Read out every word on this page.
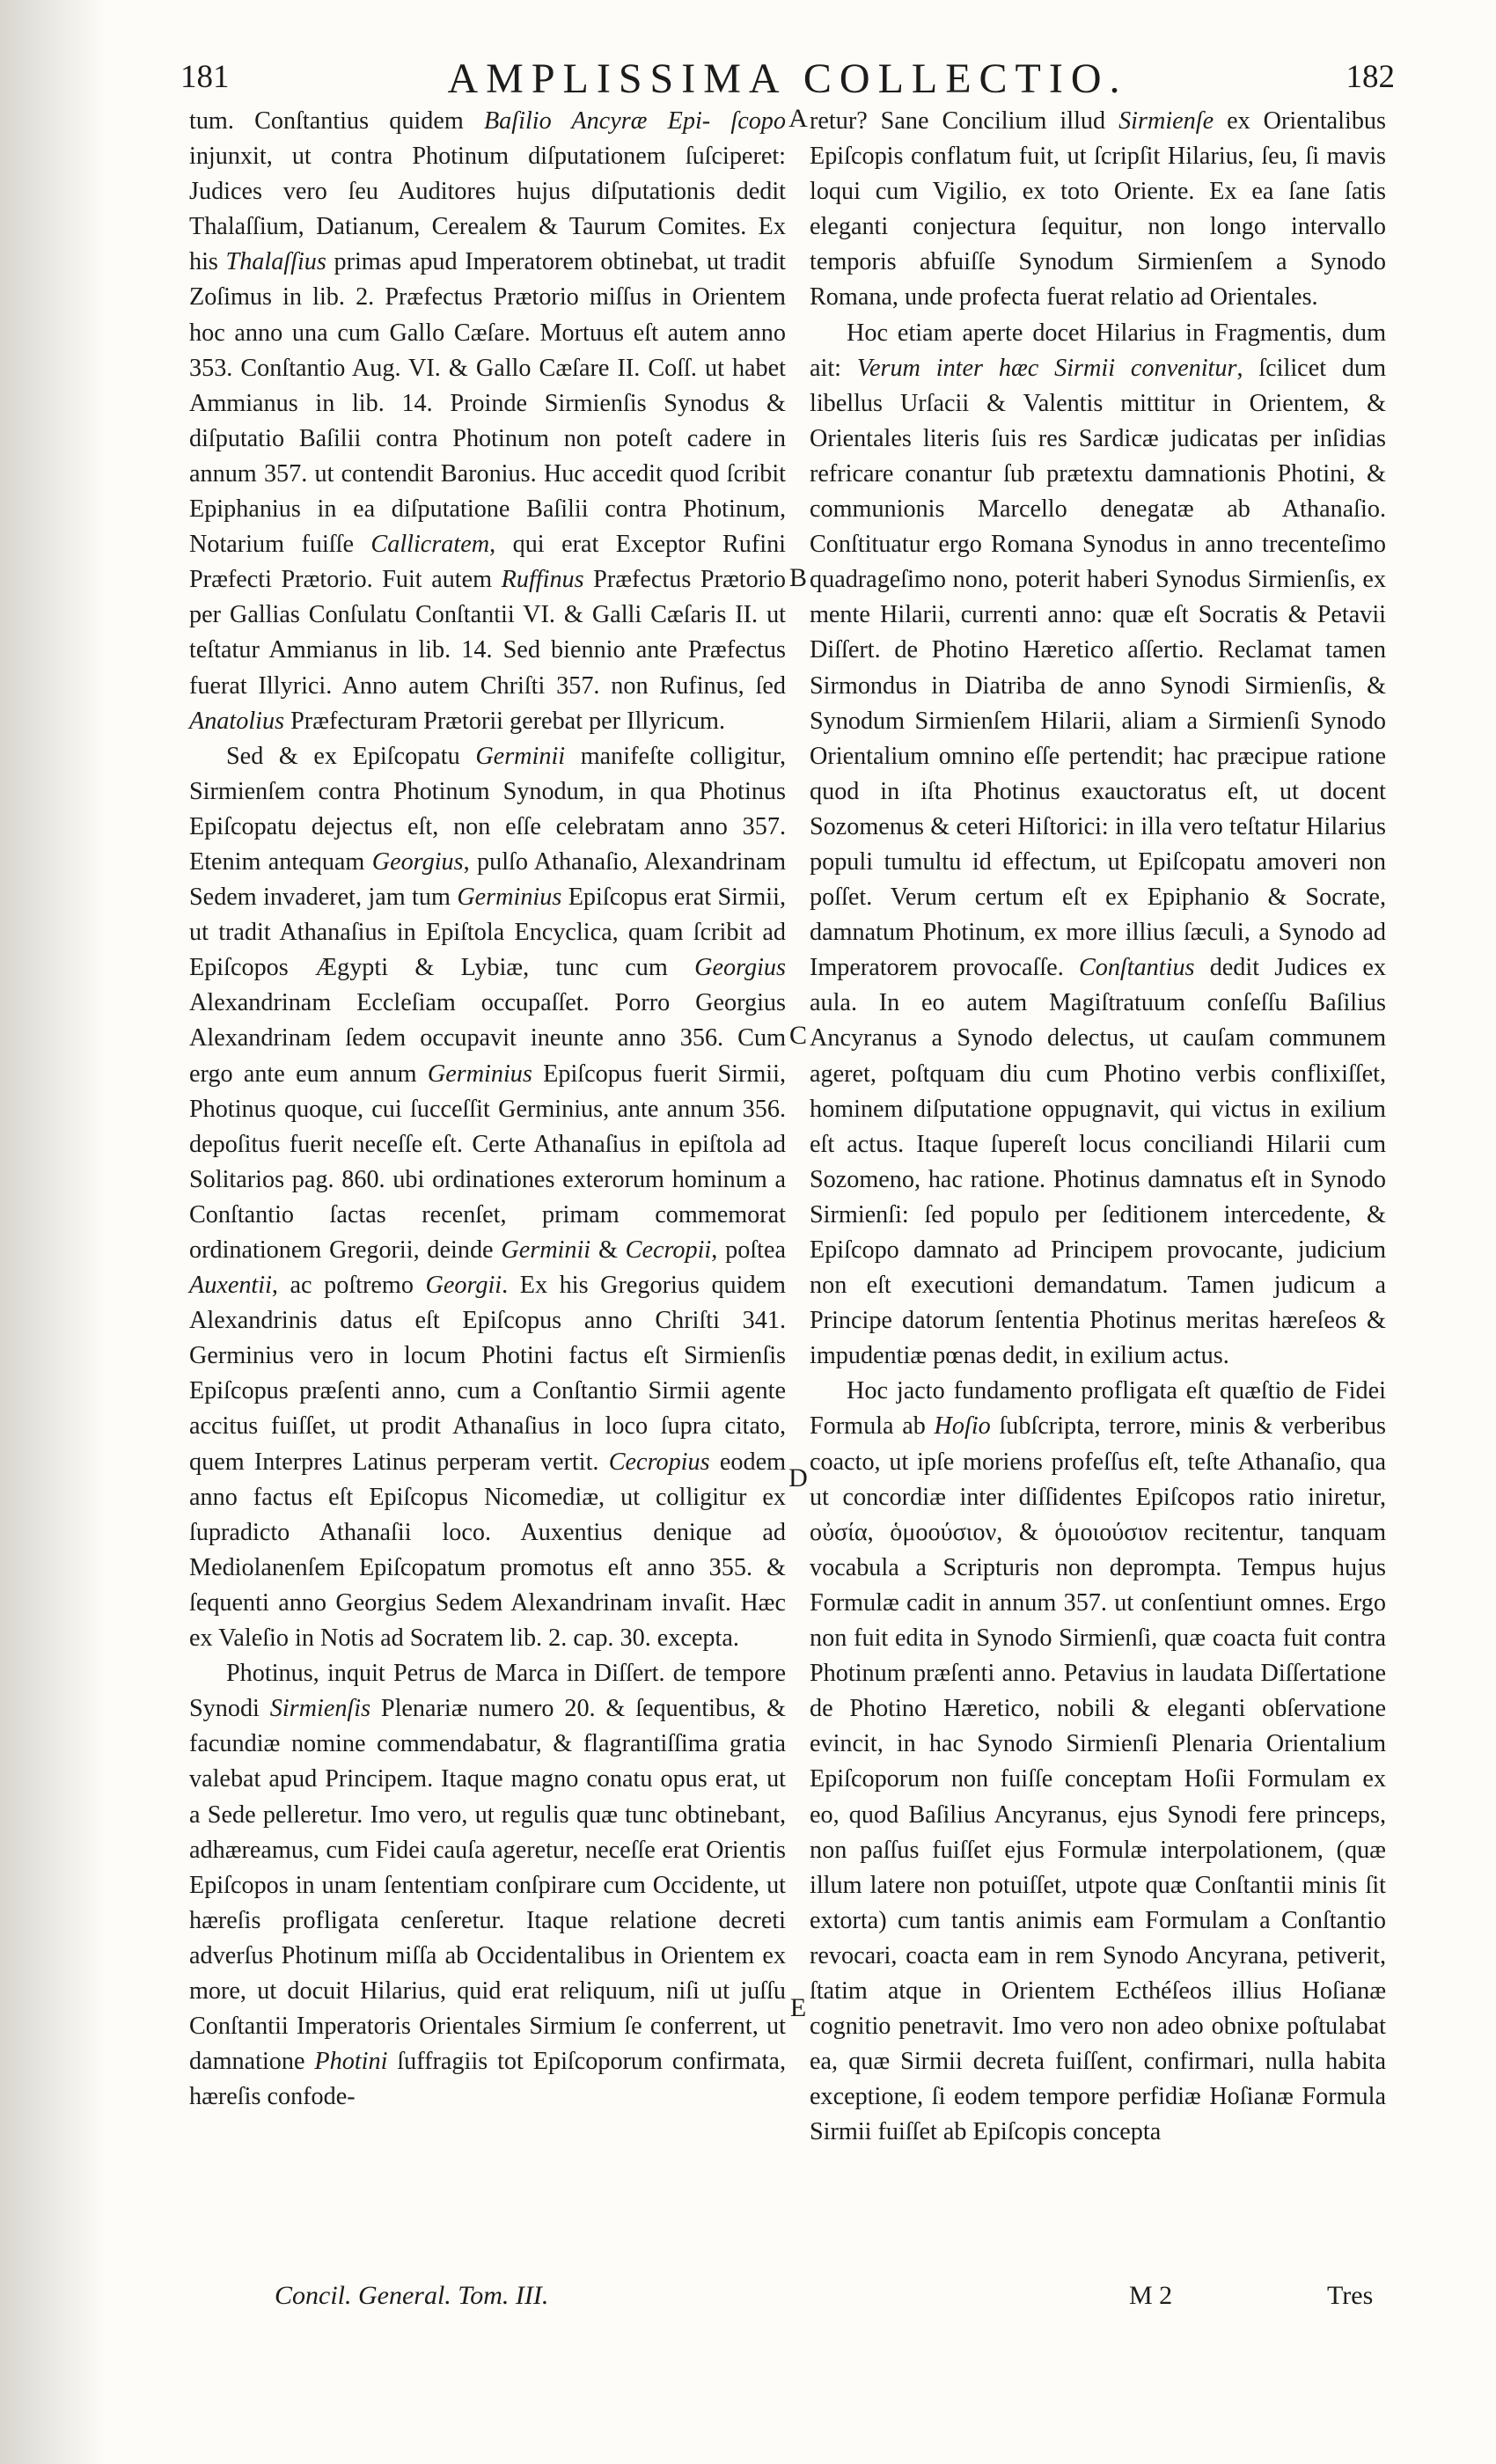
181	AMPLISSIMA COLLECTIO.	182

tum. Conſtantius quidem Baſilio Ancyræ Epi- ſcopo injunxit, ut contra Photinum diſputationem ſuſciperet: Judices vero ſeu Auditores hujus diſputationis dedit Thalaſſium, Datianum, Cerealem & Taurum Comites. Ex his Thalaſſius primas apud Imperatorem obtinebat, ut tradit Zoſimus in lib. 2. Præfectus Prætorio miſſus in Orientem hoc anno una cum Gallo Cæſare. Mortuus eſt autem anno 353. Conſtantio Aug. VI. & Gallo Cæſare II. Coſſ. ut habet Ammianus in lib. 14. Proinde Sirmienſis Synodus & diſputatio Baſilii contra Photinum non poteſt cadere in annum 357. ut contendit Baronius. Huc accedit quod ſcribit Epiphanius in ea diſputatione Baſilii contra Photinum, Notarium fuiſſe Callicratem, qui erat Exceptor Rufini Præfecti Prætorio. Fuit autem Ruffinus Præfectus Prætorio per Gallias Conſulatu Conſtantii VI. & Galli Cæſaris II. ut teſtatur Ammianus in lib. 14. Sed biennio ante Præfectus fuerat Illyrici. Anno autem Chriſti 357. non Rufinus, ſed Anatolius Præfecturam Prætorii gerebat per Illyricum.

Sed & ex Epiſcopatu Germinii manifeſte colligitur, Sirmienſem contra Photinum Synodum, in qua Photinus Epiſcopatu dejectus eſt, non eſſe celebratam anno 357. Etenim antequam Georgius, pulſo Athanaſio, Alexandrinam Sedem invaderet, jam tum Germinius Epiſcopus erat Sirmii, ut tradit Athanaſius in Epiſtola Encyclica, quam ſcribit ad Epiſcopos Ægypti & Lybiæ, tunc cum Georgius Alexandrinam Eccleſiam occupaſſet. Porro Georgius Alexandrinam ſedem occupavit ineunte anno 356. Cum ergo ante eum annum Germinius Epiſcopus fuerit Sirmii, Photinus quoque, cui ſucceſſit Germinius, ante annum 356. depoſitus fuerit neceſſe eſt. Certe Athanaſius in epiſtola ad Solitarios pag. 860. ubi ordinationes exterorum hominum a Conſtantio ſactas recenſet, primam commemorat ordinationem Gregorii, deinde Germinii & Cecropii, poſtea Auxentii, ac poſtremo Georgii. Ex his Gregorius quidem Alexandrinis datus eſt Epiſcopus anno Chriſti 341. Germinius vero in locum Photini factus eſt Sirmienſis Epiſcopus præſenti anno, cum a Conſtantio Sirmii agente accitus fuiſſet, ut prodit Athanaſius in loco ſupra citato, quem Interpres Latinus perperam vertit. Cecropius eodem anno factus eſt Epiſcopus Nicomediæ, ut colligitur ex ſupradicto Athanaſii loco. Auxentius denique ad Mediolanenſem Epiſcopatum promotus eſt anno 355. & ſequenti anno Georgius Sedem Alexandrinam invaſit. Hæc ex Valeſio in Notis ad Socratem lib. 2. cap. 30. excepta.

Photinus, inquit Petrus de Marca in Diſſert. de tempore Synodi Sirmienſis Plenariæ numero 20. & ſequentibus, & facundiæ nomine commendabatur, & flagrantiſſima gratia valebat apud Principem. Itaque magno conatu opus erat, ut a Sede pelleretur. Imo vero, ut regulis quæ tunc obtinebant, adhæreamus, cum Fidei cauſa ageretur, neceſſe erat Orientis Epiſcopos in unam ſententiam conſpirare cum Occidente, ut hæreſis profligata cenſeretur. Itaque relatione decreti adverſus Photinum miſſa ab Occidentalibus in Orientem ex more, ut docuit Hilarius, quid erat reliquum, niſi ut juſſu Conſtantii Imperatoris Orientales Sirmium ſe conferrent, ut damnatione Photini ſuffragiis tot Epiſcoporum confirmata, hæreſis confode-

retur? Sane Concilium illud Sirmienſe ex Orientalibus Epiſcopis conflatum fuit, ut ſcripſit Hilarius, ſeu, ſi mavis loqui cum Vigilio, ex toto Oriente. Ex ea ſane ſatis eleganti conjectura ſequitur, non longo intervallo temporis abfuiſſe Synodum Sirmienſem a Synodo Romana, unde profecta fuerat relatio ad Orientales.

Hoc etiam aperte docet Hilarius in Fragmentis, dum ait: Verum inter hæc Sirmii convenitur, ſcilicet dum libellus Urſacii & Valentis mittitur in Orientem, & Orientales literis ſuis res Sardicæ judicatas per inſidias refricare conantur ſub prætextu damnationis Photini, & communionis Marcello denegatæ ab Athanaſio. Conſtituatur ergo Romana Synodus in anno trecenteſimo quadrageſimo nono, poterit haberi Synodus Sirmienſis, ex mente Hilarii, currenti anno: quæ eſt Socratis & Petavii Diſſert. de Photino Hæretico aſſertio. Reclamat tamen Sirmondus in Diatriba de anno Synodi Sirmienſis, & Synodum Sirmienſem Hilarii, aliam a Sirmienſi Synodo Orientalium omnino eſſe pertendit; hac præcipue ratione quod in iſta Photinus exauctoratus eſt, ut docent Sozomenus & ceteri Hiſtorici: in illa vero teſtatur Hilarius populi tumultu id effectum, ut Epiſcopatu amoveri non poſſet. Verum certum eſt ex Epiphanio & Socrate, damnatum Photinum, ex more illius ſæculi, a Synodo ad Imperatorem provocaſſe. Conſtantius dedit Judices ex aula. In eo autem Magiſtratuum conſeſſu Baſilius Ancyranus a Synodo delectus, ut cauſam communem ageret, poſtquam diu cum Photino verbis conflixiſſet, hominem diſputatione oppugnavit, qui victus in exilium eſt actus. Itaque ſupereſt locus conciliandi Hilarii cum Sozomeno, hac ratione. Photinus damnatus eſt in Synodo Sirmienſi: ſed populo per ſeditionem intercedente, & Epiſcopo damnato ad Principem provocante, judicium non eſt executioni demandatum. Tamen judicum a Principe datorum ſententia Photinus meritas hæreſeos & impudentiæ pœnas dedit, in exilium actus.

Hoc jacto fundamento profligata eſt quæſtio de Fidei Formula ab Hoſio ſubſcripta, terrore, minis & verberibus coacto, ut ipſe moriens profeſſus eſt, teſte Athanaſio, qua ut concordiæ inter diſſidentes Epiſcopos ratio iniretur, οὐσία, ὁμοούσιον, & ὁμοιούσιον recitentur, tanquam vocabula a Scripturis non deprompta. Tempus hujus Formulæ cadit in annum 357. ut conſentiunt omnes. Ergo non fuit edita in Synodo Sirmienſi, quæ coacta fuit contra Photinum præſenti anno. Petavius in laudata Diſſertatione de Photino Hæretico, nobili & eleganti obſervatione evincit, in hac Synodo Sirmienſi Plenaria Orientalium Epiſcoporum non fuiſſe conceptam Hoſii Formulam ex eo, quod Baſilius Ancyranus, ejus Synodi fere princeps, non paſſus fuiſſet ejus Formulæ interpolationem, (quæ illum latere non potuiſſet, utpote quæ Conſtantii minis ſit extorta) cum tantis animis eam Formulam a Conſtantio revocari, coacta eam in rem Synodo Ancyrana, petiverit, ſtatim atque in Orientem Ecthéſeos illius Hoſianæ cognitio penetravit. Imo vero non adeo obnixe poſtulabat ea, quæ Sirmii decreta fuiſſent, confirmari, nulla habita exceptione, ſi eodem tempore perfidiæ Hoſianæ Formula Sirmii fuiſſet ab Epiſcopis concepta

A
B
C
D
E
Concil. General. Tom. III.	M 2	Tres
